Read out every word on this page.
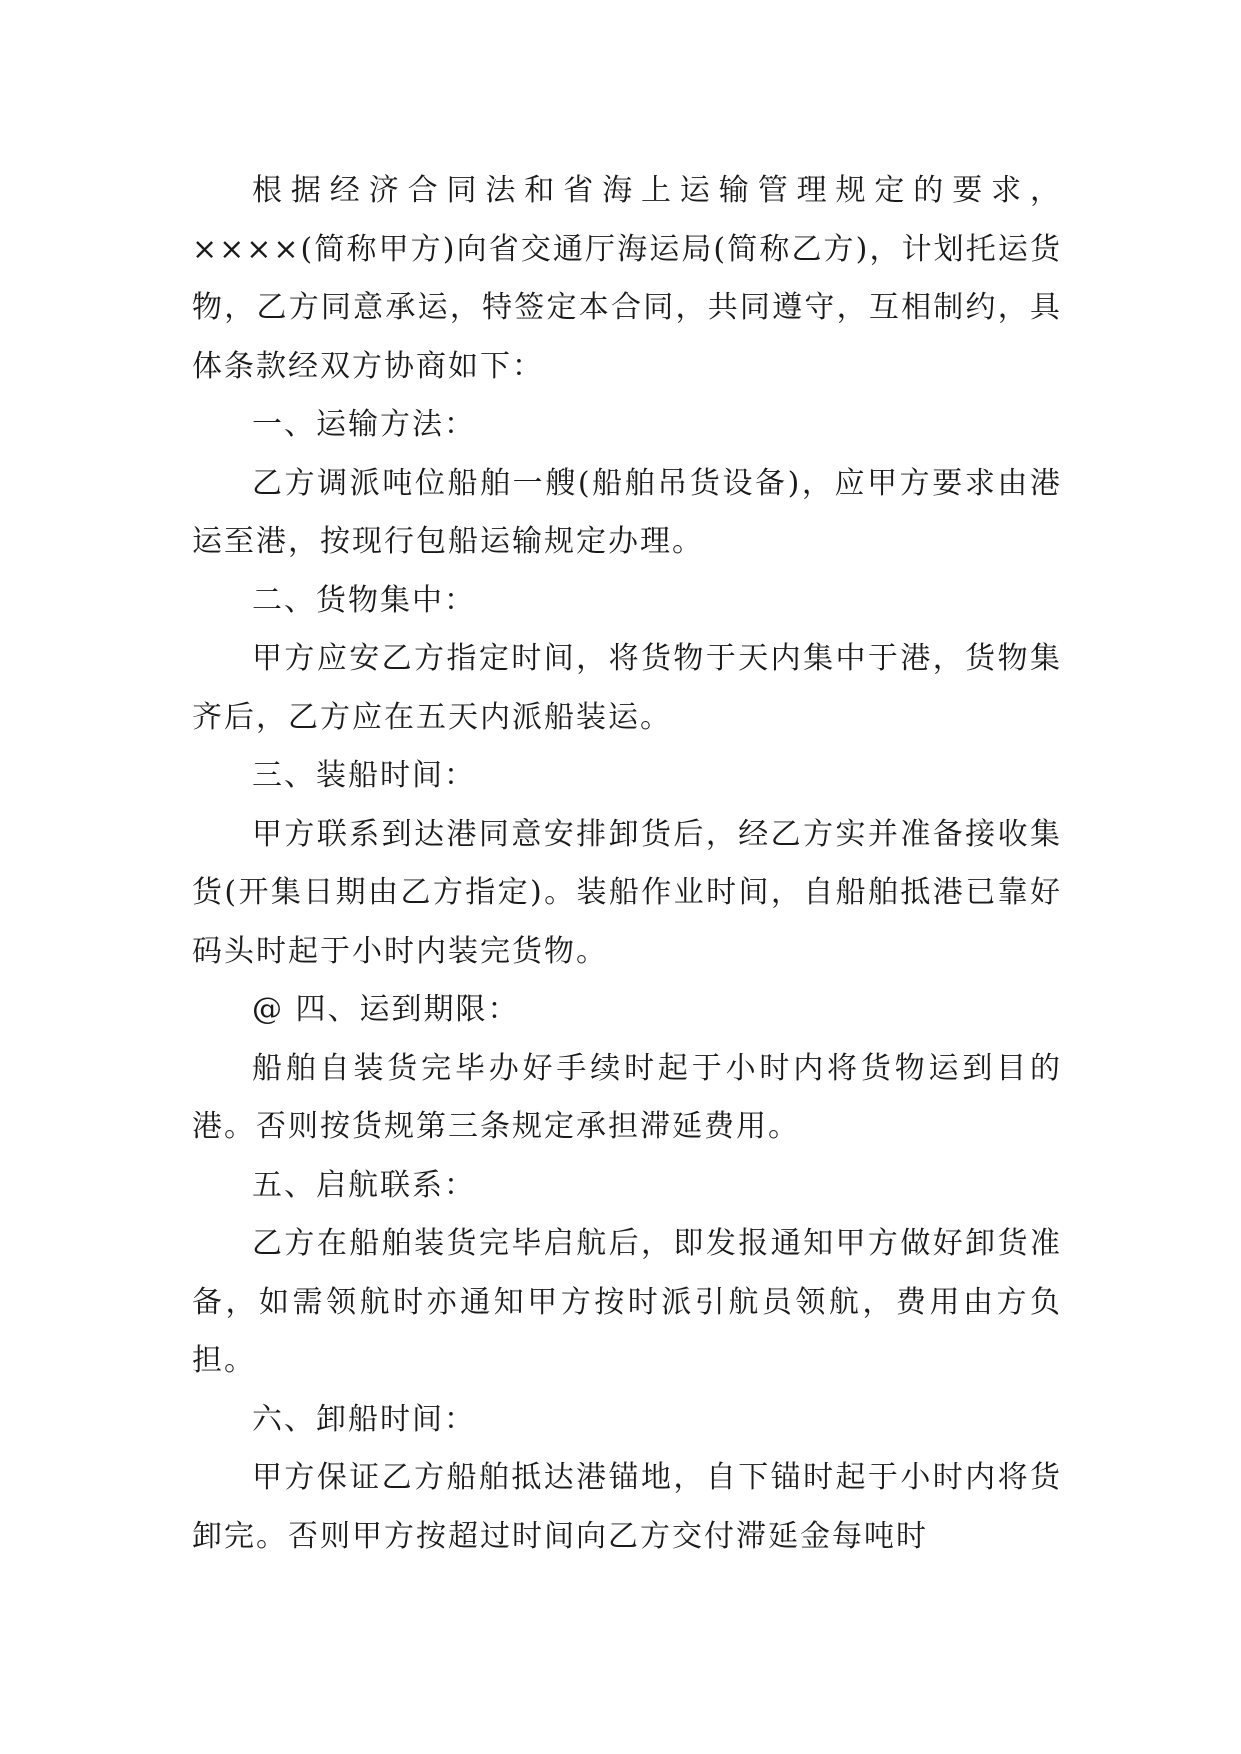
根据经济合同法和省海上运输管理规定的要求，××××(简称甲方)向省交通厅海运局(简称乙方)，计划托运货物，乙方同意承运，特签定本合同，共同遵守，互相制约，具体条款经双方协商如下：

一、运输方法：

乙方调派吨位船舶一艘(船舶吊货设备)，应甲方要求由港运至港，按现行包船运输规定办理。

二、货物集中：

甲方应安乙方指定时间，将货物于天内集中于港，货物集齐后，乙方应在五天内派船装运。

三、装船时间：

甲方联系到达港同意安排卸货后，经乙方实并准备接收集货(开集日期由乙方指定)。装船作业时间，自船舶抵港已靠好码头时起于小时内装完货物。

@ 四、运到期限：

船舶自装货完毕办好手续时起于小时内将货物运到目的港。否则按货规第三条规定承担滞延费用。

五、启航联系：

乙方在船舶装货完毕启航后，即发报通知甲方做好卸货准备，如需领航时亦通知甲方按时派引航员领航，费用由方负担。

六、卸船时间：

甲方保证乙方船舶抵达港锚地，自下锚时起于小时内将货卸完。否则甲方按超过时间向乙方交付滞延金每吨时
